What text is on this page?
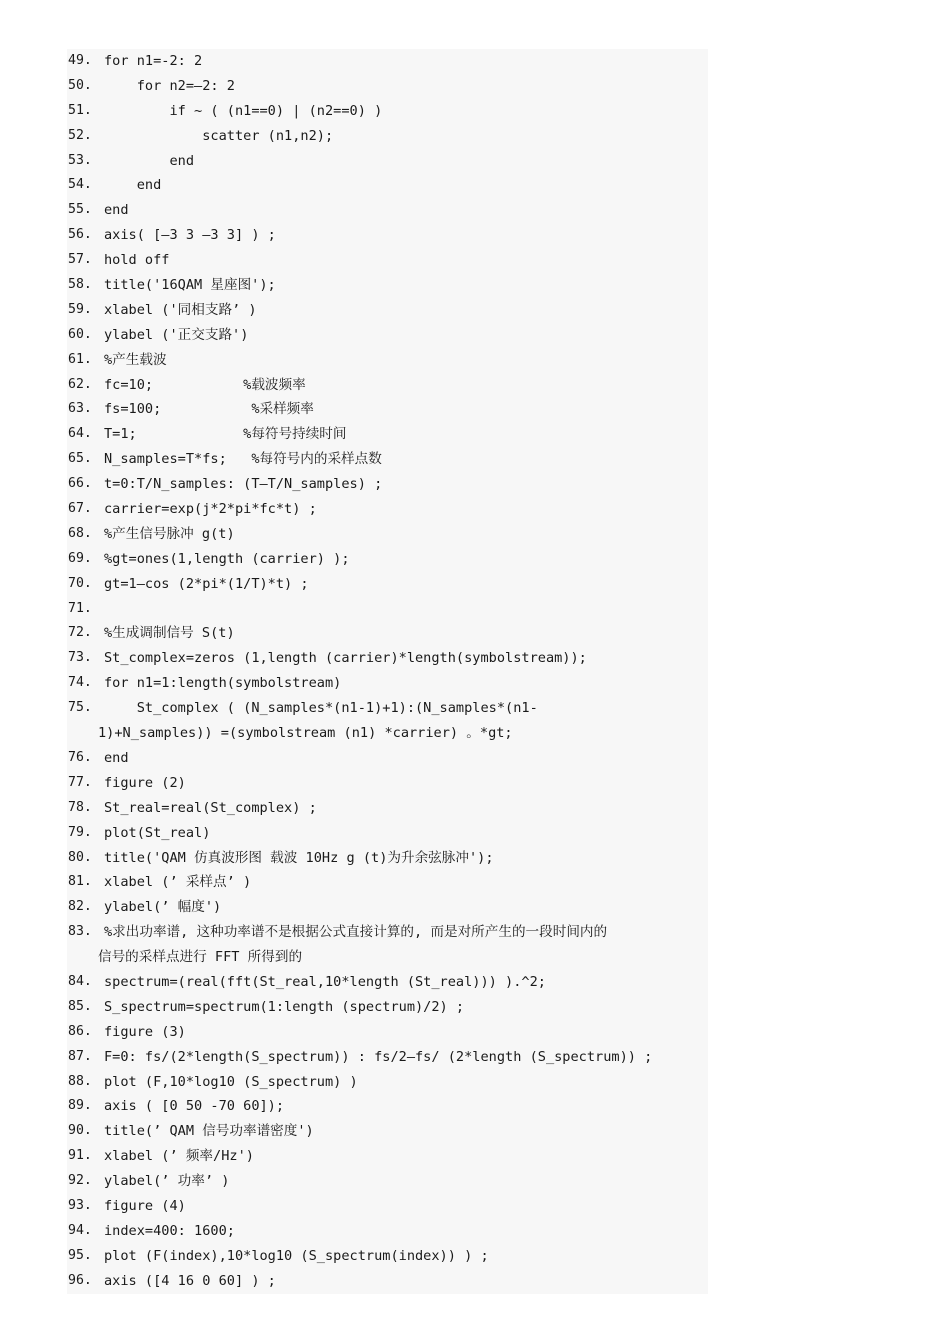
49. for n1=-2: 2
50. for n2=—2: 2
51. if ~ ( (n1==0) | (n2==0) )
52. scatter (n1,n2);
53. end
54. end
55. end
56. axis( [—3 3 —3 3] ) ;
57. hold off
58. title('16QAM 星座图');
59. xlabel ('同相支路’ )
60. ylabel ('正交支路')
61. %产生载波
62. fc=10;           %载波频率
63. fs=100;           %采样频率
64. T=1;             %每符号持续时间
65. N_samples=T*fs;   %每符号内的采样点数
66. t=0:T/N_samples: (T—T/N_samples) ;
67. carrier=exp(j*2*pi*fc*t) ;
68. %产生信号脉冲 g(t)
69. %gt=ones(1,length (carrier) );
70. gt=1—cos (2*pi*(1/T)*t) ;
71.
72. %生成调制信号 S(t)
73. St_complex=zeros (1,length (carrier)*length(symbolstream));
74. for n1=1:length(symbolstream)
75. St_complex ( (N_samples*(n1-1)+1):(N_samples*(n1-
1)+N_samples)) =(symbolstream (n1) *carrier) 。*gt;
76. end
77. figure (2)
78. St_real=real(St_complex) ;
79. plot(St_real)
80. title('QAM 仿真波形图 载波 10Hz g (t)为升余弦脉冲');
81. xlabel (’ 采样点’ )
82. ylabel(’ 幅度')
83. %求出功率谱, 这种功率谱不是根据公式直接计算的, 而是对所产生的一段时间内的
信号的采样点进行 FFT 所得到的
84. spectrum=(real(fft(St_real,10*length (St_real))) ).^2;
85. S_spectrum=spectrum(1:length (spectrum)/2) ;
86. figure (3)
87. F=0: fs/(2*length(S_spectrum)) : fs/2—fs/ (2*length (S_spectrum)) ;
88. plot (F,10*log10 (S_spectrum) )
89. axis ( [0 50 -70 60]);
90. title(’ QAM 信号功率谱密度')
91. xlabel (’ 频率/Hz')
92. ylabel(’ 功率’ )
93. figure (4)
94. index=400: 1600;
95. plot (F(index),10*log10 (S_spectrum(index)) ) ;
96. axis ([4 16 0 60] ) ;
